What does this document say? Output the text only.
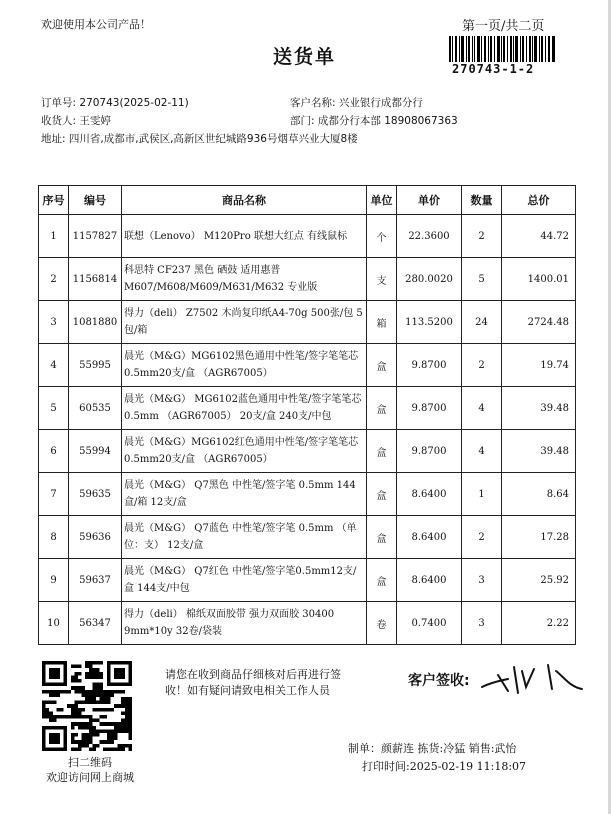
欢迎使用本公司产品！	第一页/共二页
送货单
270743-1-2
订单号: 270743(2025-02-11)	客户名称: 兴业银行成都分行
收货人: 王雯婷	部门: 成都分行本部 18908067363
地址: 四川省,成都市,武侯区,高新区世纪城路936号烟草兴业大厦8楼
序号	编号	商品名称	单位	单价	数量	总价
1	1157827	联想（Lenovo） M120Pro 联想大红点 有线鼠标	个	22.3600	2	44.72
2	1156814	科思特 CF237 黑色 硒鼓 适用惠普 M607/M608/M609/M631/M632 专业版	支	280.0020	5	1400.01
3	1081880	得力（deli） Z7502 木尚复印纸A4-70g 500张/包 5包/箱	箱	113.5200	24	2724.48
4	55995	晨光（M&G）MG6102黑色通用中性笔/签字笔笔芯0.5mm20支/盒 （AGR67005）	盒	9.8700	2	19.74
5	60535	晨光（M&G） MG6102蓝色通用中性笔/签字笔笔芯0.5mm （AGR67005） 20支/盒 240支/中包	盒	9.8700	4	39.48
6	55994	晨光（M&G）MG6102红色通用中性笔/签字笔笔芯0.5mm20支/盒 （AGR67005）	盒	9.8700	4	39.48
7	59635	晨光（M&G） Q7黑色 中性笔/签字笔 0.5mm 144盒/箱 12支/盒	盒	8.6400	1	8.64
8	59636	晨光（M&G） Q7蓝色 中性笔/签字笔 0.5mm （单位：支） 12支/盒	盒	8.6400	2	17.28
9	59637	晨光（M&G） Q7红色 中性笔/签字笔0.5mm12支/盒 144支/中包	盒	8.6400	3	25.92
10	56347	得力（deli） 棉纸双面胶带 强力双面胶 30400 9mm*10y 32卷/袋装	卷	0.7400	3	2.22
扫二维码
欢迎访问网上商城
请您在收到商品仔细核对后再进行签
收！如有疑问请致电相关工作人员
客户签收:
制单：颜薪连 拣货:冷猛 销售:武怡
打印时间:2025-02-19 11:18:07
